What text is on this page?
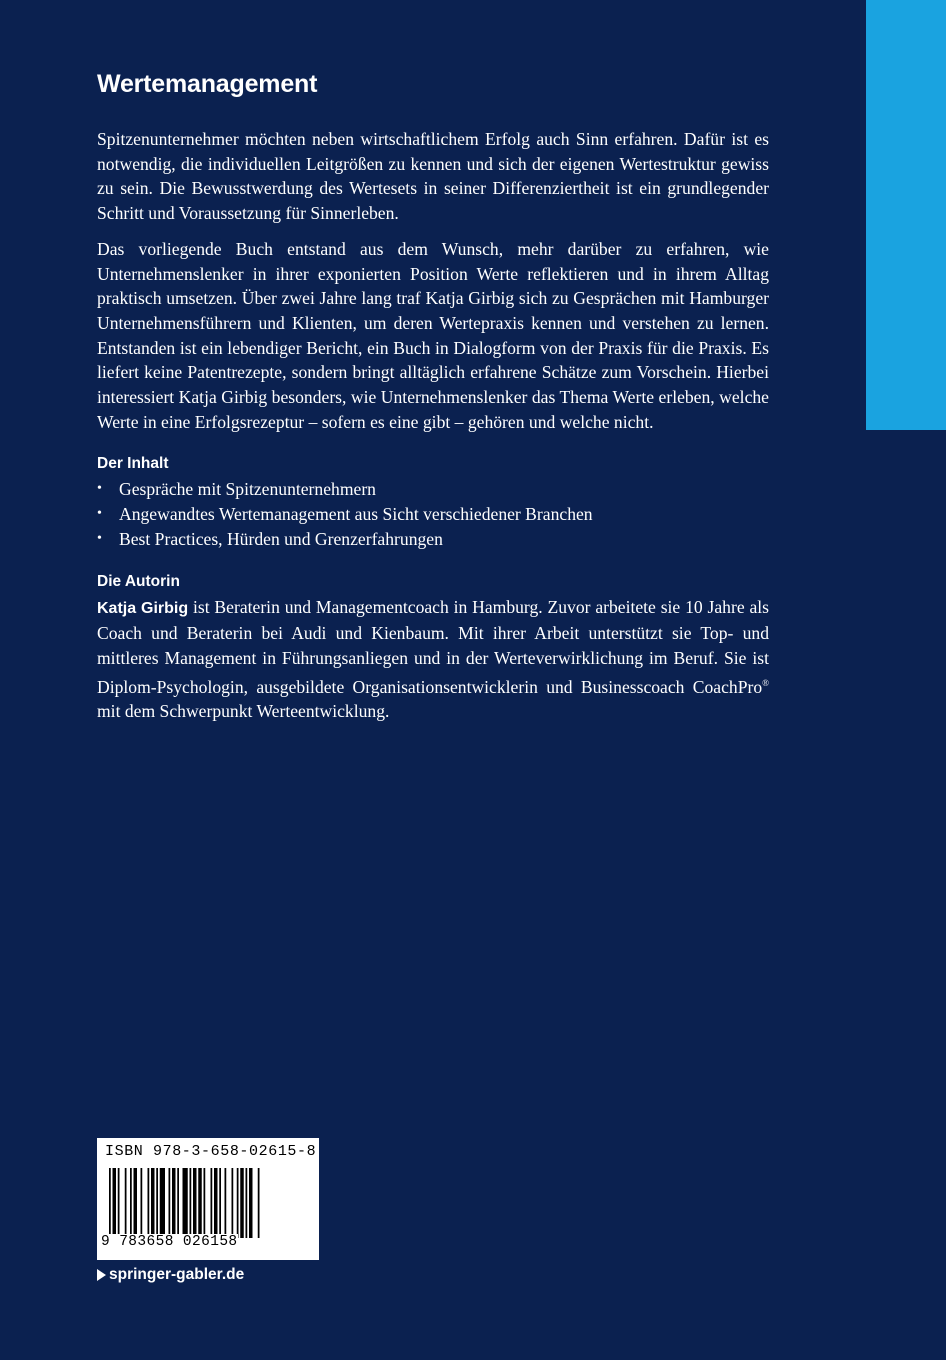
Wertemanagement

Spitzenunternehmer möchten neben wirtschaftlichem Erfolg auch Sinn erfahren. Dafür ist es notwendig, die individuellen Leitgrößen zu kennen und sich der eigenen Wertestruktur gewiss zu sein. Die Bewusstwerdung des Wertesets in seiner Differenziertheit ist ein grundlegender Schritt und Voraussetzung für Sinnerleben.

Das vorliegende Buch entstand aus dem Wunsch, mehr darüber zu erfahren, wie Unternehmenslenker in ihrer exponierten Position Werte reflektieren und in ihrem Alltag praktisch umsetzen. Über zwei Jahre lang traf Katja Girbig sich zu Gesprächen mit Hamburger Unternehmensführern und Klienten, um deren Wertepraxis kennen und verstehen zu lernen. Entstanden ist ein lebendiger Bericht, ein Buch in Dialogform von der Praxis für die Praxis. Es liefert keine Patentrezepte, sondern bringt alltäglich erfahrene Schätze zum Vorschein. Hierbei interessiert Katja Girbig besonders, wie Unternehmenslenker das Thema Werte erleben, welche Werte in eine Erfolgsrezeptur – sofern es eine gibt – gehören und welche nicht.

Der Inhalt
• Gespräche mit Spitzenunternehmern
• Angewandtes Wertemanagement aus Sicht verschiedener Branchen
• Best Practices, Hürden und Grenzerfahrungen
Die Autorin

Katja Girbig ist Beraterin und Managementcoach in Hamburg. Zuvor arbeitete sie 10 Jahre als Coach und Beraterin bei Audi und Kienbaum. Mit ihrer Arbeit unterstützt sie Top- und mittleres Management in Führungsanliegen und in der Werteverwirklichung im Beruf. Sie ist Diplom-Psychologin, ausgebildete Organisationsentwicklerin und Businesscoach CoachPro® mit dem Schwerpunkt Werteentwicklung.

ISBN 978-3-658-02615-8
9 783658 026158
springer-gabler.de
